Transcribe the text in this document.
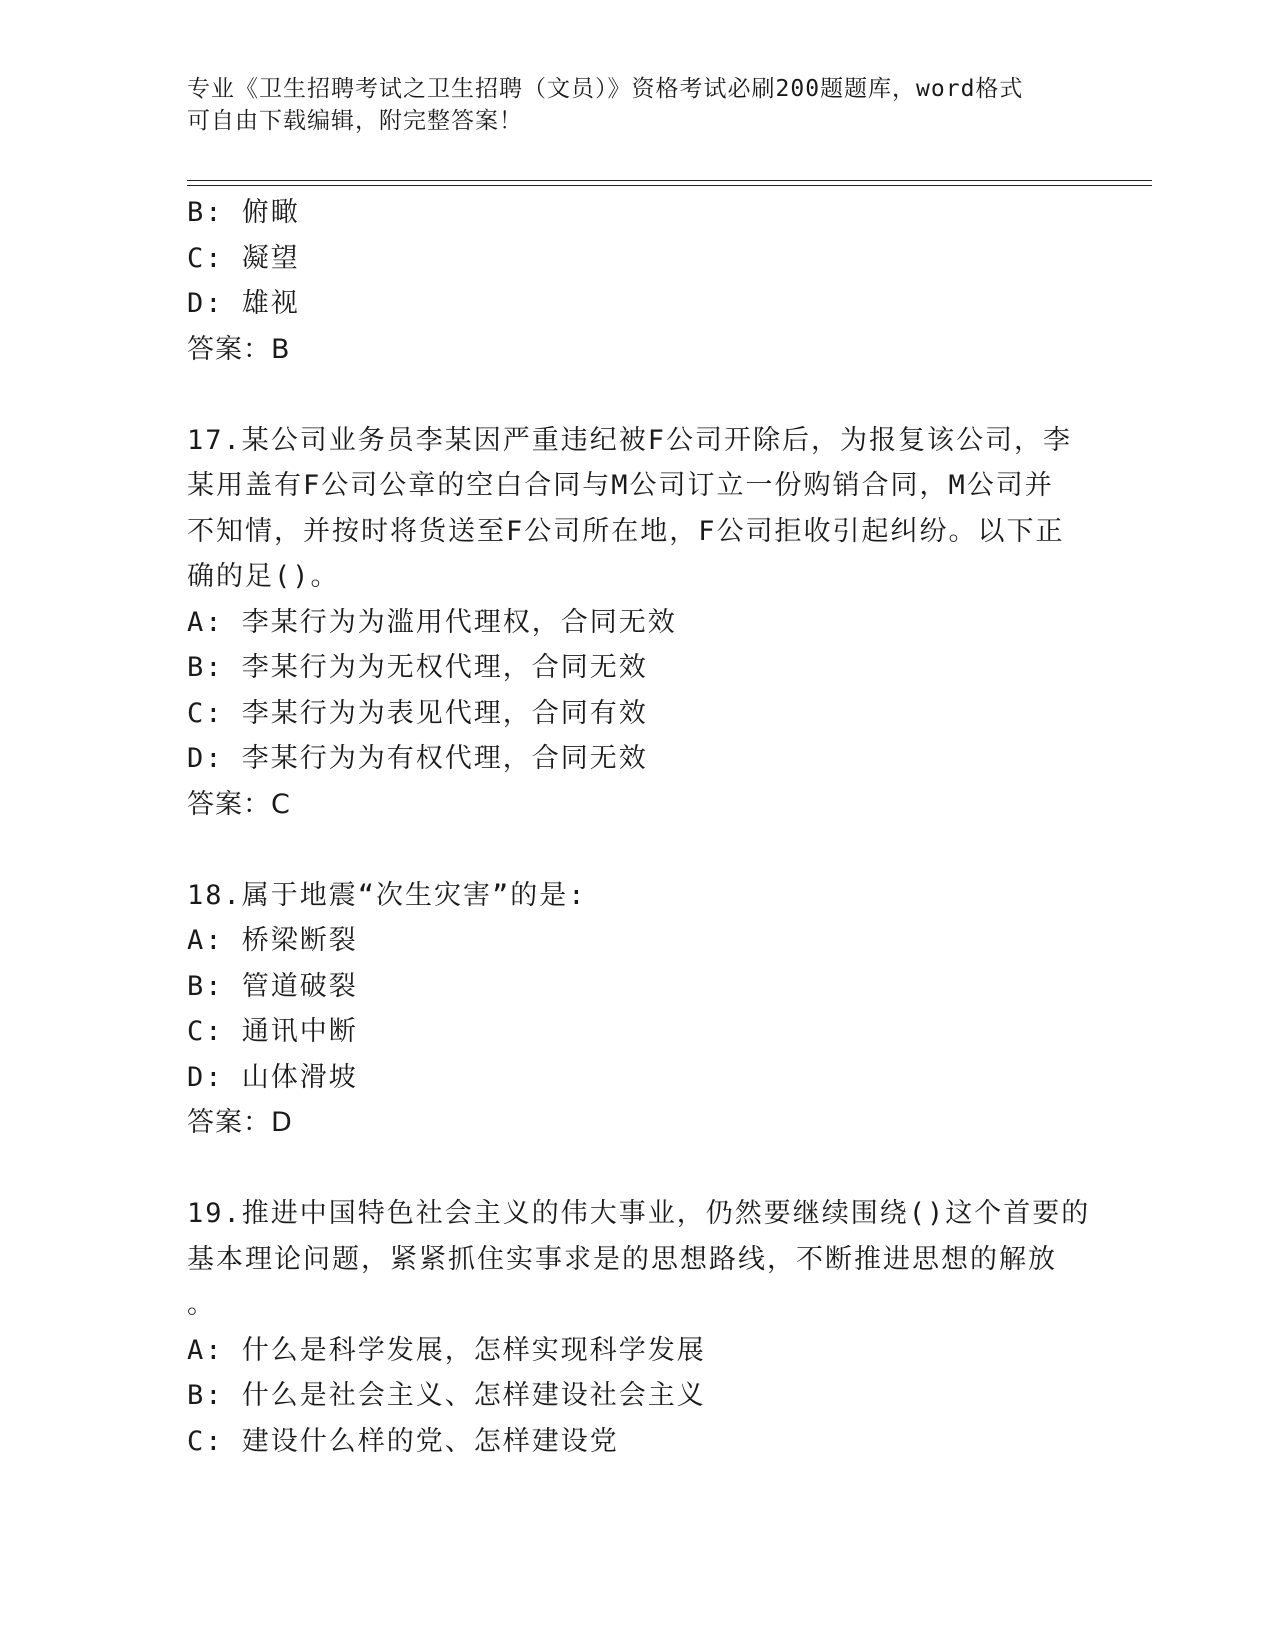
专业《卫生招聘考试之卫生招聘（文员）》资格考试必刷200题题库，word格式
可自由下载编辑，附完整答案！
B: 俯瞰
C: 凝望
D: 雄视
答案：B
17.某公司业务员李某因严重违纪被F公司开除后，为报复该公司，李
某用盖有F公司公章的空白合同与M公司订立一份购销合同，M公司并
不知情，并按时将货送至F公司所在地，F公司拒收引起纠纷。以下正
确的足()。
A: 李某行为为滥用代理权，合同无效
B: 李某行为为无权代理，合同无效
C: 李某行为为表见代理，合同有效
D: 李某行为为有权代理，合同无效
答案：C
18.属于地震“次生灾害”的是:
A: 桥梁断裂
B: 管道破裂
C: 通讯中断
D: 山体滑坡
答案：D
19.推进中国特色社会主义的伟大事业，仍然要继续围绕()这个首要的
基本理论问题，紧紧抓住实事求是的思想路线，不断推进思想的解放
。
A: 什么是科学发展，怎样实现科学发展
B: 什么是社会主义、怎样建设社会主义
C: 建设什么样的党、怎样建设党
